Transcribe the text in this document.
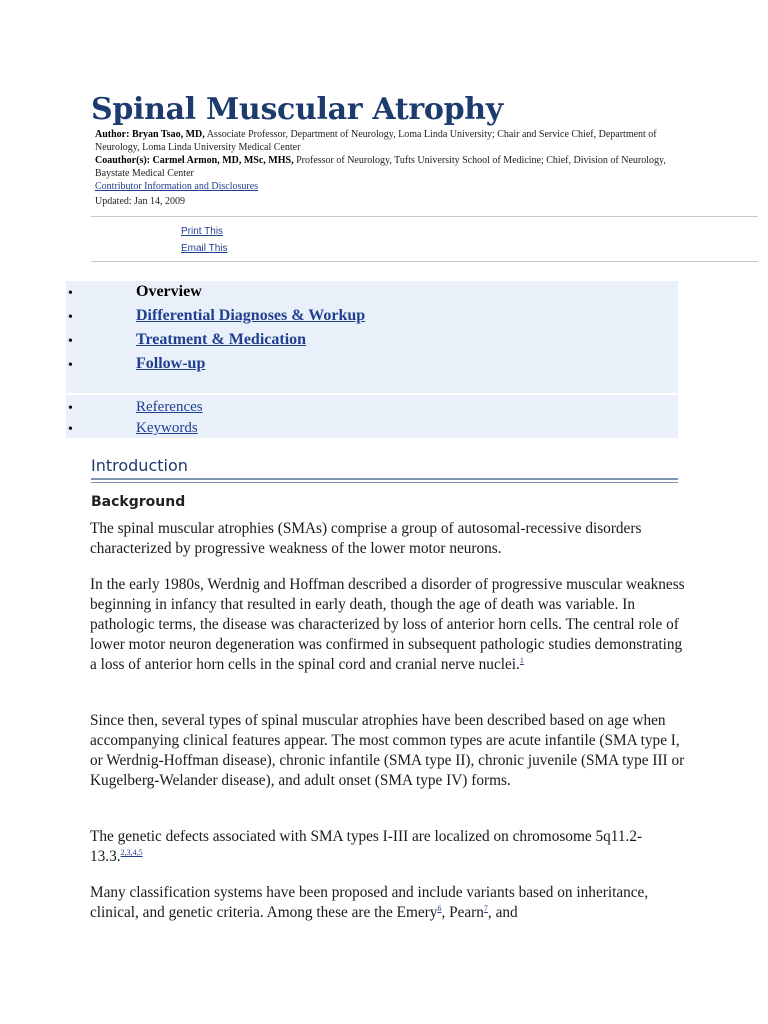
Spinal Muscular Atrophy
Author: Bryan Tsao, MD, Associate Professor, Department of Neurology, Loma Linda University; Chair and Service Chief, Department of Neurology, Loma Linda University Medical Center
Coauthor(s): Carmel Armon, MD, MSc, MHS, Professor of Neurology, Tufts University School of Medicine; Chief, Division of Neurology, Baystate Medical Center
Contributor Information and Disclosures
Updated: Jan 14, 2009
Print This
Email This
•	Overview
•	Differential Diagnoses & Workup
•	Treatment & Medication
•	Follow-up
•	References
•	Keywords
Introduction
Background

The spinal muscular atrophies (SMAs) comprise a group of autosomal-recessive disorders characterized by progressive weakness of the lower motor neurons.

In the early 1980s, Werdnig and Hoffman described a disorder of progressive muscular weakness beginning in infancy that resulted in early death, though the age of death was variable. In pathologic terms, the disease was characterized by loss of anterior horn cells. The central role of lower motor neuron degeneration was confirmed in subsequent pathologic studies demonstrating a loss of anterior horn cells in the spinal cord and cranial nerve nuclei.$^1$

Since then, several types of spinal muscular atrophies have been described based on age when accompanying clinical features appear. The most common types are acute infantile (SMA type I, or Werdnig-Hoffman disease), chronic infantile (SMA type II), chronic juvenile (SMA type III or Kugelberg-Welander disease), and adult onset (SMA type IV) forms.

The genetic defects associated with SMA types I-III are localized on chromosome 5q11.2-13.3.$^{2,3,4,5}$

Many classification systems have been proposed and include variants based on inheritance, clinical, and genetic criteria. Among these are the Emery$^6$, Pearn$^7$, and
